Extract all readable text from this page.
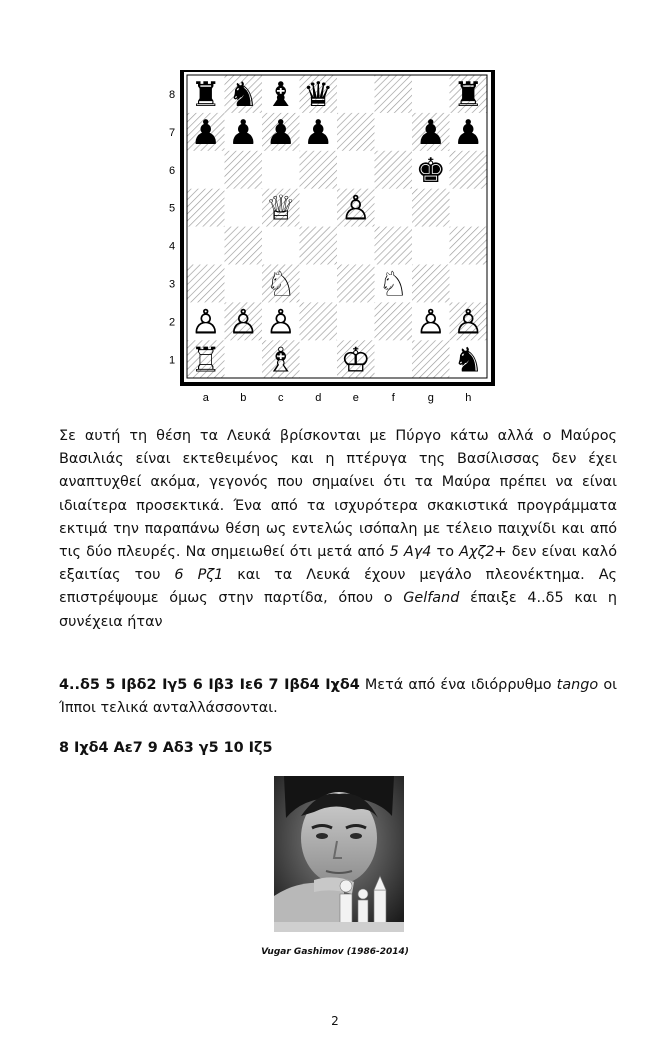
8
7
6
5
4
3
2
1
a	b	c	d	e	f	g	h
♜ ♞ ♝ ♛	♜
♟ ♟ ♟ ♟ ♟ ♟
♚
♕ ♙
♘ ♘
♙ ♙ ♙	♙ ♙
♖ ♗ ♔ ♞
Σε αυτή τη θέση τα Λευκά βρίσκονται με Πύργο κάτω αλλά ο Μαύρος Βασιλιάς είναι εκτεθειμένος και η πτέρυγα της Βασίλισσας δεν έχει αναπτυχθεί ακόμα, γεγονός που σημαίνει ότι τα Μαύρα πρέπει να είναι ιδιαίτερα προσεκτικά. Ένα από τα ισχυρότερα σκακιστικά προγράμματα εκτιμά την παραπάνω θέση ως εντελώς ισόπαλη με τέλειο παιχνίδι και από τις δύο πλευρές. Να σημειωθεί ότι μετά από 5 Αγ4 το Αχζ2+ δεν είναι καλό εξαιτίας του 6 Ρζ1 και τα Λευκά έχουν μεγάλο πλεονέκτημα. Ας επιστρέψουμε όμως στην παρτίδα, όπου ο Gelfand έπαιξε 4..δ5 και η συνέχεια ήταν
4..δ5 5 Ιβδ2 Ιγ5 6 Ιβ3 Ιε6 7 Ιβδ4 Ιχδ4 Μετά από ένα ιδιόρρυθμο tango οι Ίπποι τελικά ανταλλάσσονται.
8 Ιχδ4 Αε7 9 Αδ3 γ5 10 Ιζ5
Vugar Gashimov (1986-2014)
2
